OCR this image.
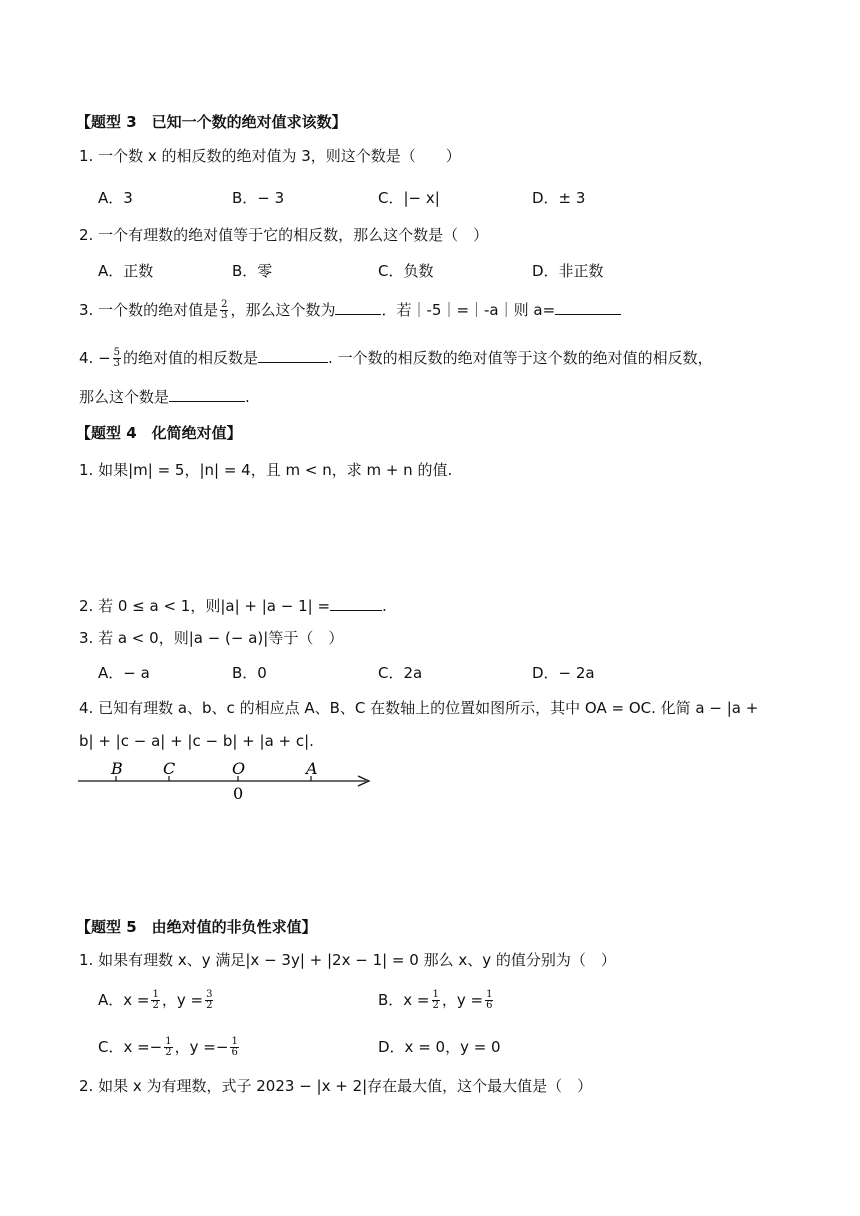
【题型 3　已知一个数的绝对值求该数】
1. 一个数 x 的相反数的绝对值为 3，则这个数是（　　）
A．3	B．− 3	C．|− x|	D．± 3
2. 一个有理数的绝对值等于它的相反数，那么这个数是（　）
A．正数	B．零	C．负数	D．非正数
3. 一个数的绝对值是 $\frac{2}{3}$ ，那么这个数为	．若｜-5｜=｜-a｜则 a=
4. − $\frac{5}{3}$ 的绝对值的相反数是	. 一个数的相反数的绝对值等于这个数的绝对值的相反数，
那么这个数是	.
【题型 4　化简绝对值】
1. 如果|m| = 5，|n| = 4，且 m < n，求 m + n 的值.
2. 若 0 ≤ a < 1，则|a| + |a − 1| =	.
3. 若 a < 0，则|a − (− a)|等于（　）
A．− a	B．0	C．2a	D．− 2a
4. 已知有理数 a、b、c 的相应点 A、B、C 在数轴上的位置如图所示，其中 OA = OC. 化简 a − |a +
b| + |c − a| + |c − b| + |a + c|.
B	C	O	A
0
【题型 5　由绝对值的非负性求值】
1. 如果有理数 x、y 满足|x − 3y| + |2x − 1| = 0 那么 x、y 的值分别为（　）
A．$x = \frac{1}{2}$ ，$y = \frac{3}{2}$	B．$x = \frac{1}{2}$ ，$y = \frac{1}{6}$
C．$x =- \frac{1}{2}$ ，$y =- \frac{1}{6}$	D．x = 0，y = 0
2. 如果 x 为有理数，式子 2023 − |x + 2|存在最大值，这个最大值是（　）
